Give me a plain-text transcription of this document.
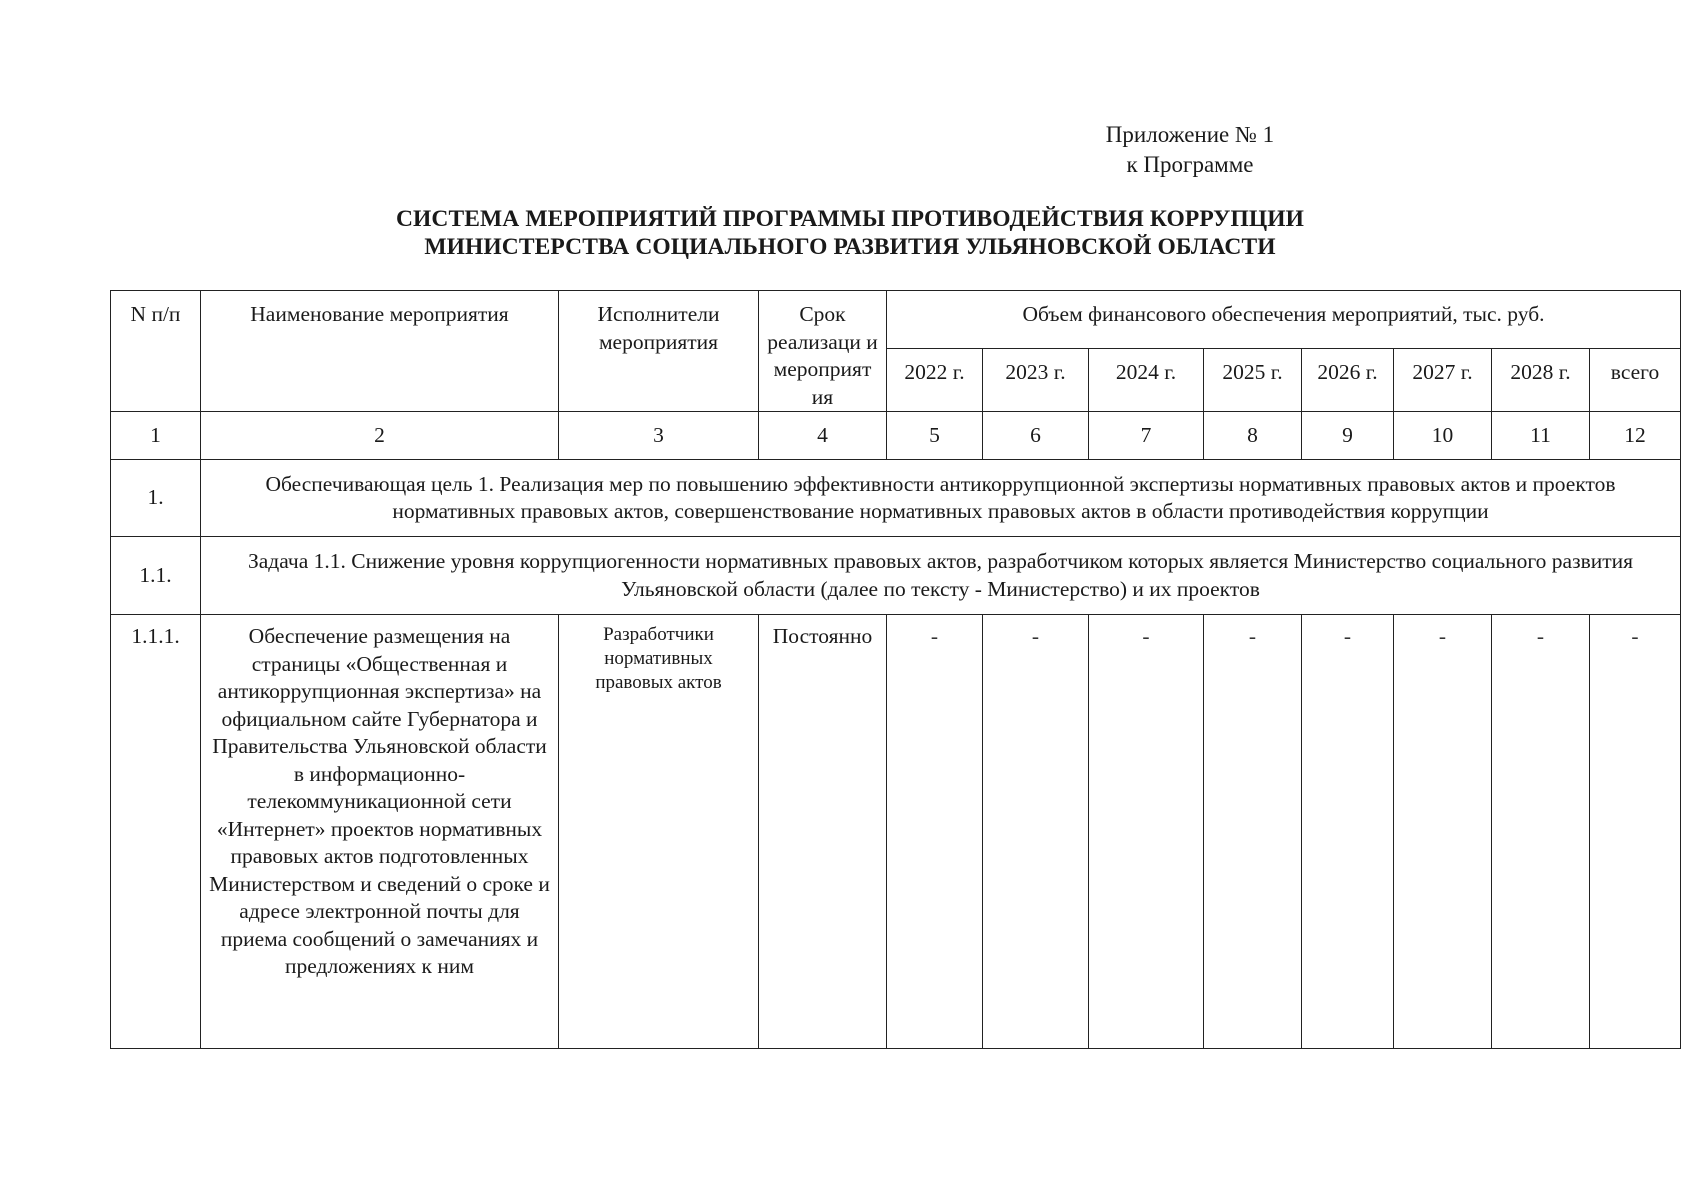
Приложение № 1
к Программе
СИСТЕМА МЕРОПРИЯТИЙ ПРОГРАММЫ ПРОТИВОДЕЙСТВИЯ КОРРУПЦИИ
МИНИСТЕРСТВА СОЦИАЛЬНОГО РАЗВИТИЯ УЛЬЯНОВСКОЙ ОБЛАСТИ
N п/п	Наименование мероприятия	Исполнители мероприятия	Срок реализаци и мероприят ия	Объем финансового обеспечения мероприятий, тыс. руб.							
				2022 г.	2023 г.	2024 г.	2025 г.	2026 г.	2027 г.	2028 г.	всего
1	2	3	4	5	6	7	8	9	10	11	12
1.	Обеспечивающая цель 1. Реализация мер по повышению эффективности антикоррупционной экспертизы нормативных правовых актов и проектов нормативных правовых актов, совершенствование нормативных правовых актов в области противодействия коррупции										
1.1.	Задача 1.1. Снижение уровня коррупциогенности нормативных правовых актов, разработчиком которых является Министерство социального развития Ульяновской области (далее по тексту - Министерство) и их проектов										
1.1.1.	Обеспечение размещения на страницы «Общественная и антикоррупционная экспертиза» на официальном сайте Губернатора и Правительства Ульяновской области в информационно-телекоммуникационной сети «Интернет» проектов нормативных правовых актов подготовленных Министерством и сведений о сроке и адресе электронной почты для приема сообщений о замечаниях и предложениях к ним	Разработчики нормативных правовых актов	Постоянно	-	-	-	-	-	-	-	-
